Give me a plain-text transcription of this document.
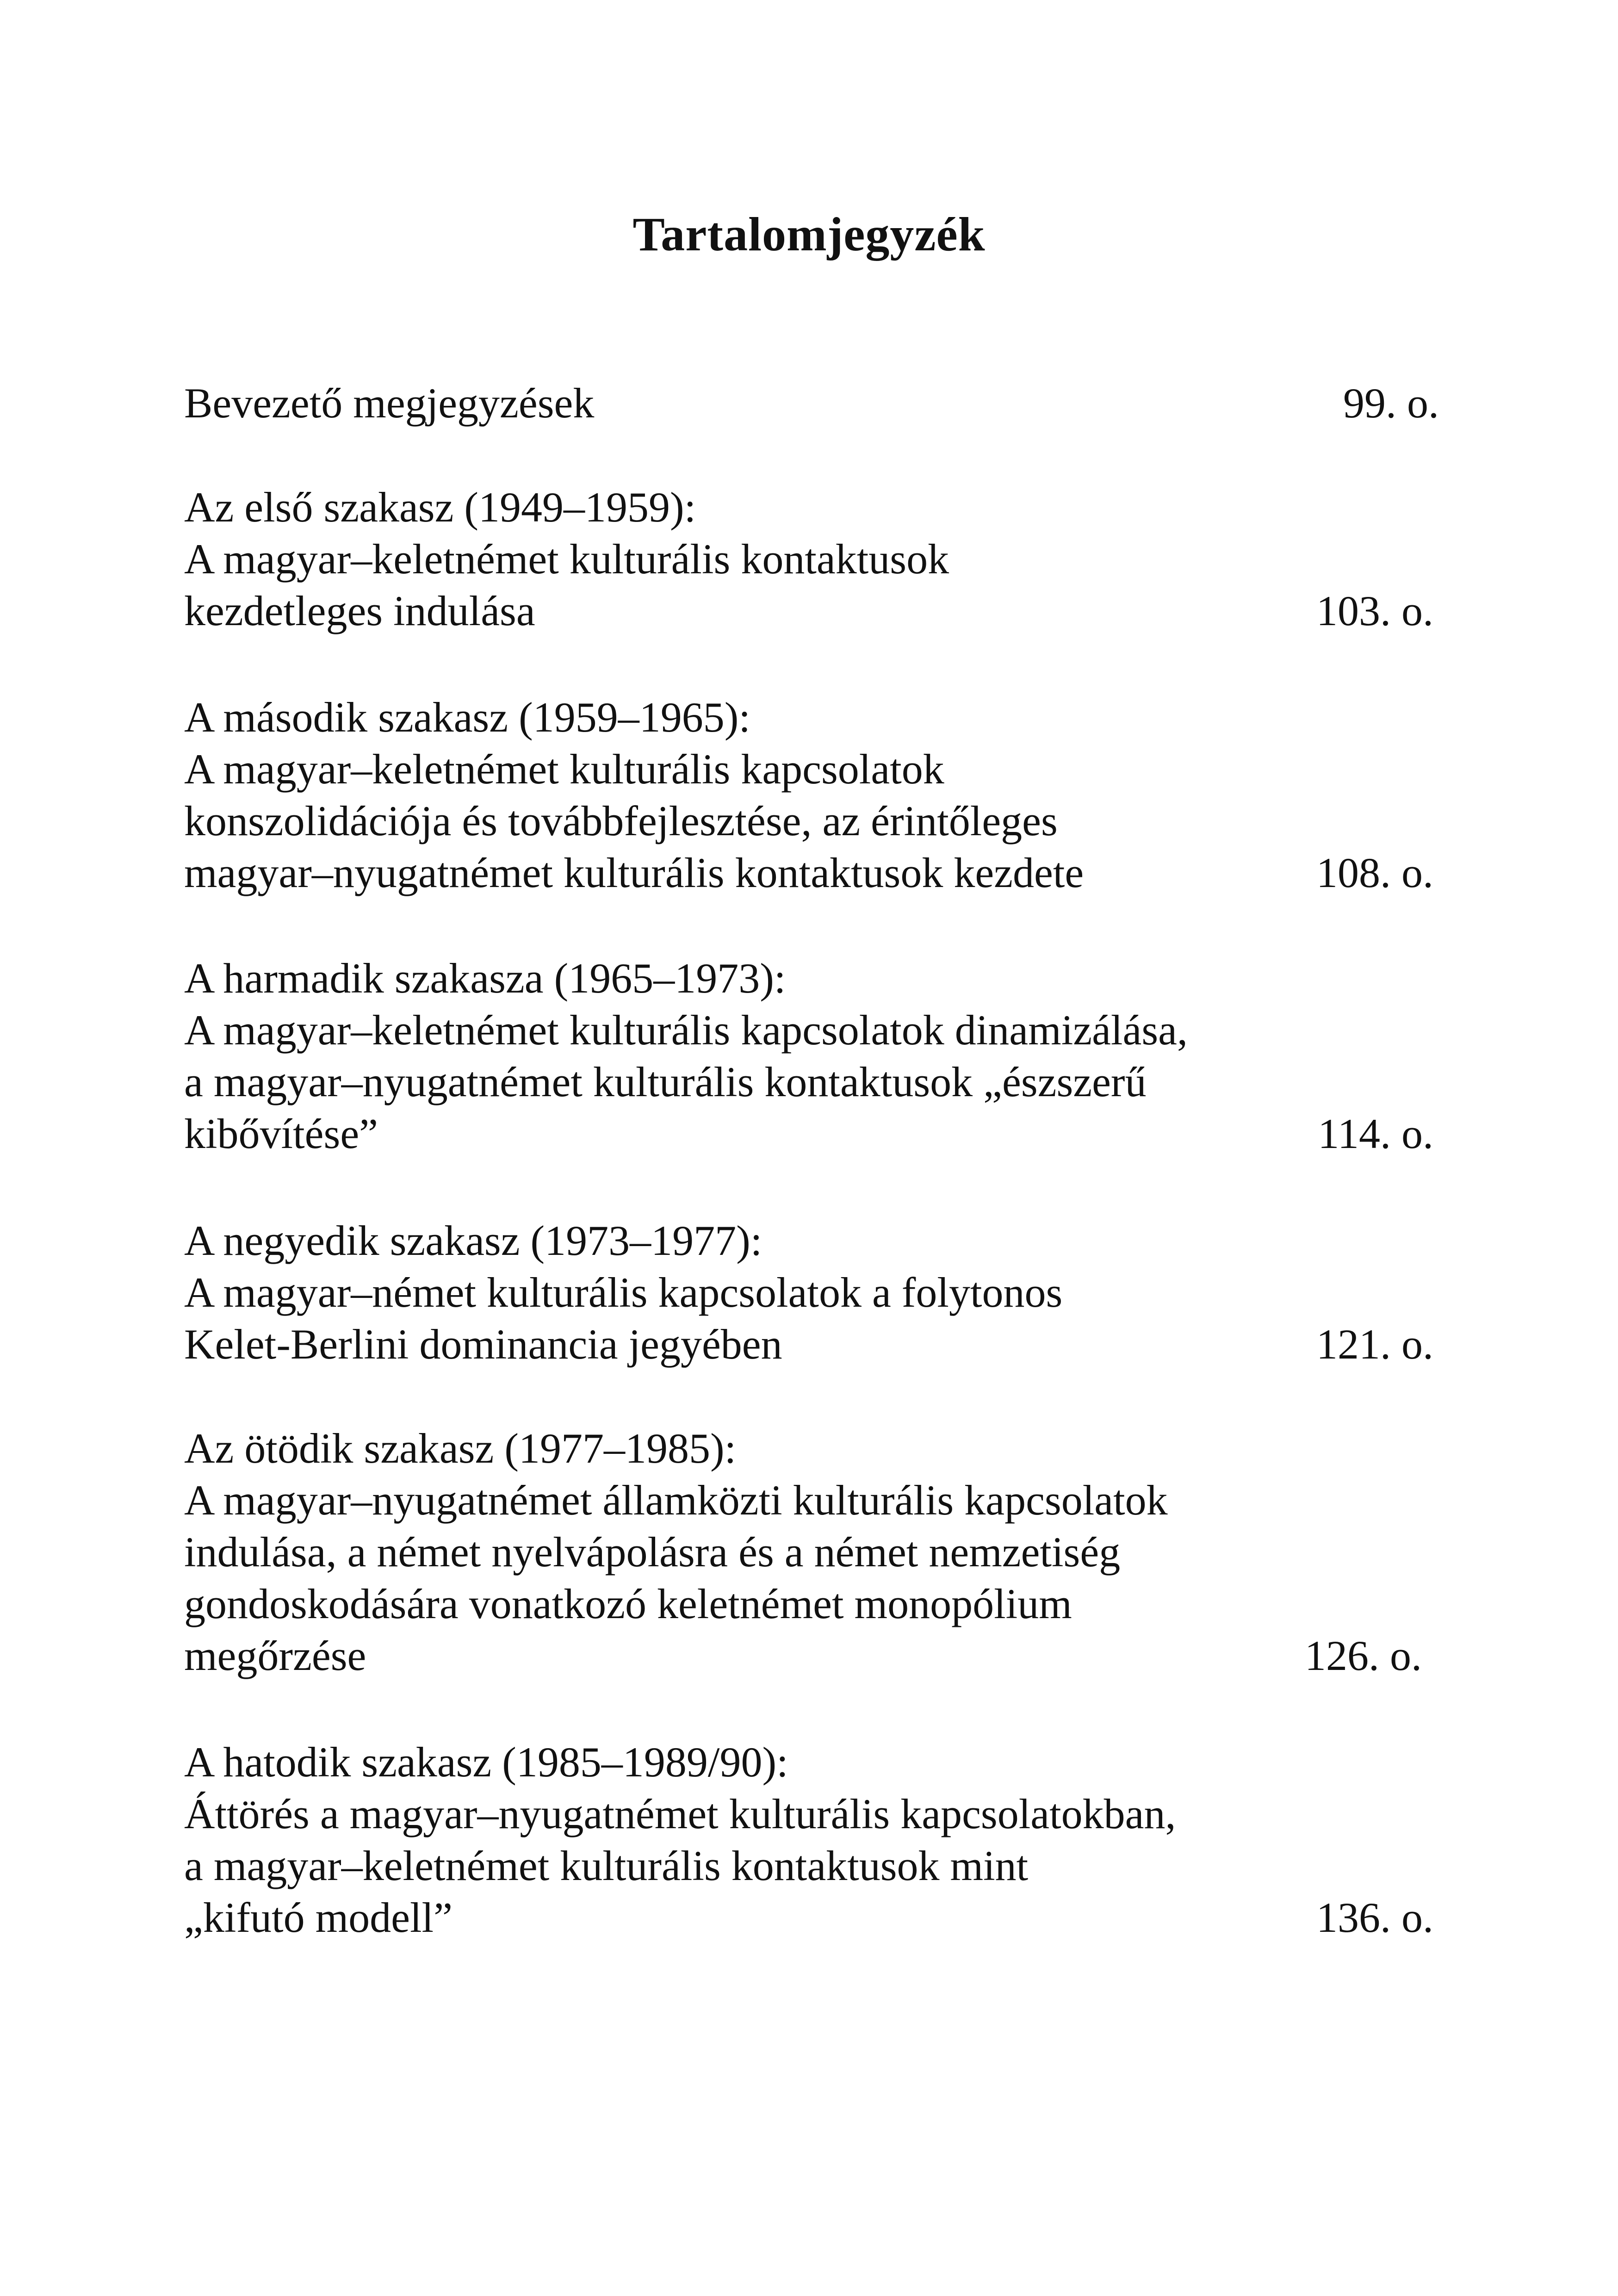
Tartalomjegyzék
Bevezető megjegyzések	99. o.
Az első szakasz (1949–1959):
A magyar–keletnémet kulturális kontaktusok
kezdetleges indulása	103. o.
A második szakasz (1959–1965):
A magyar–keletnémet kulturális kapcsolatok
konszolidációja és továbbfejlesztése, az érintőleges
magyar–nyugatnémet kulturális kontaktusok kezdete	108. o.
A harmadik szakasza (1965–1973):
A magyar–keletnémet kulturális kapcsolatok dinamizálása,
a magyar–nyugatnémet kulturális kontaktusok „észszerű
kibővítése”	114. o.
A negyedik szakasz (1973–1977):
A magyar–német kulturális kapcsolatok a folytonos
Kelet-Berlini dominancia jegyében	121. o.
Az ötödik szakasz (1977–1985):
A magyar–nyugatnémet államközti kulturális kapcsolatok
indulása, a német nyelvápolásra és a német nemzetiség
gondoskodására vonatkozó keletnémet monopólium
megőrzése	126. o.
A hatodik szakasz (1985–1989/90):
Áttörés a magyar–nyugatnémet kulturális kapcsolatokban,
a magyar–keletnémet kulturális kontaktusok mint
„kifutó modell”	136. o.
